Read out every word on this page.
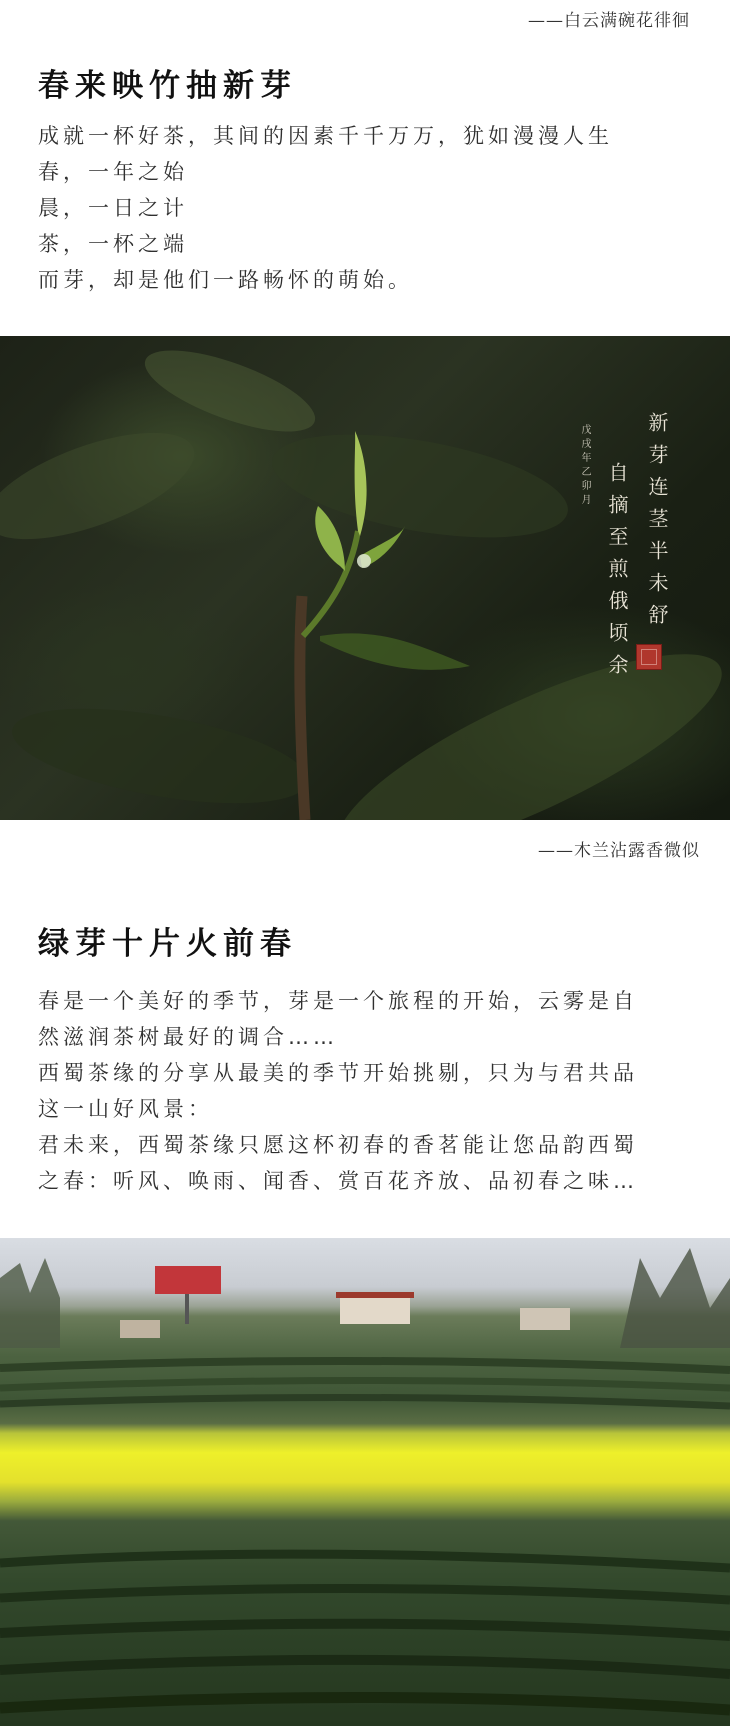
——白云满碗花徘徊
春来映竹抽新芽
成就一杯好茶，其间的因素千千万万，犹如漫漫人生
春，一年之始
晨，一日之计
茶，一杯之端
而芽，却是他们一路畅怀的萌始。
戊戌年乙卯月	新芽连茎半未舒
自摘至煎俄顷余
——木兰沾露香微似
绿芽十片火前春
春是一个美好的季节，芽是一个旅程的开始，云雾是自
然滋润茶树最好的调合……
西蜀茶缘的分享从最美的季节开始挑剔，只为与君共品
这一山好风景：
君未来，西蜀茶缘只愿这杯初春的香茗能让您品韵西蜀
之春：听风、唤雨、闻香、赏百花齐放、品初春之味…
